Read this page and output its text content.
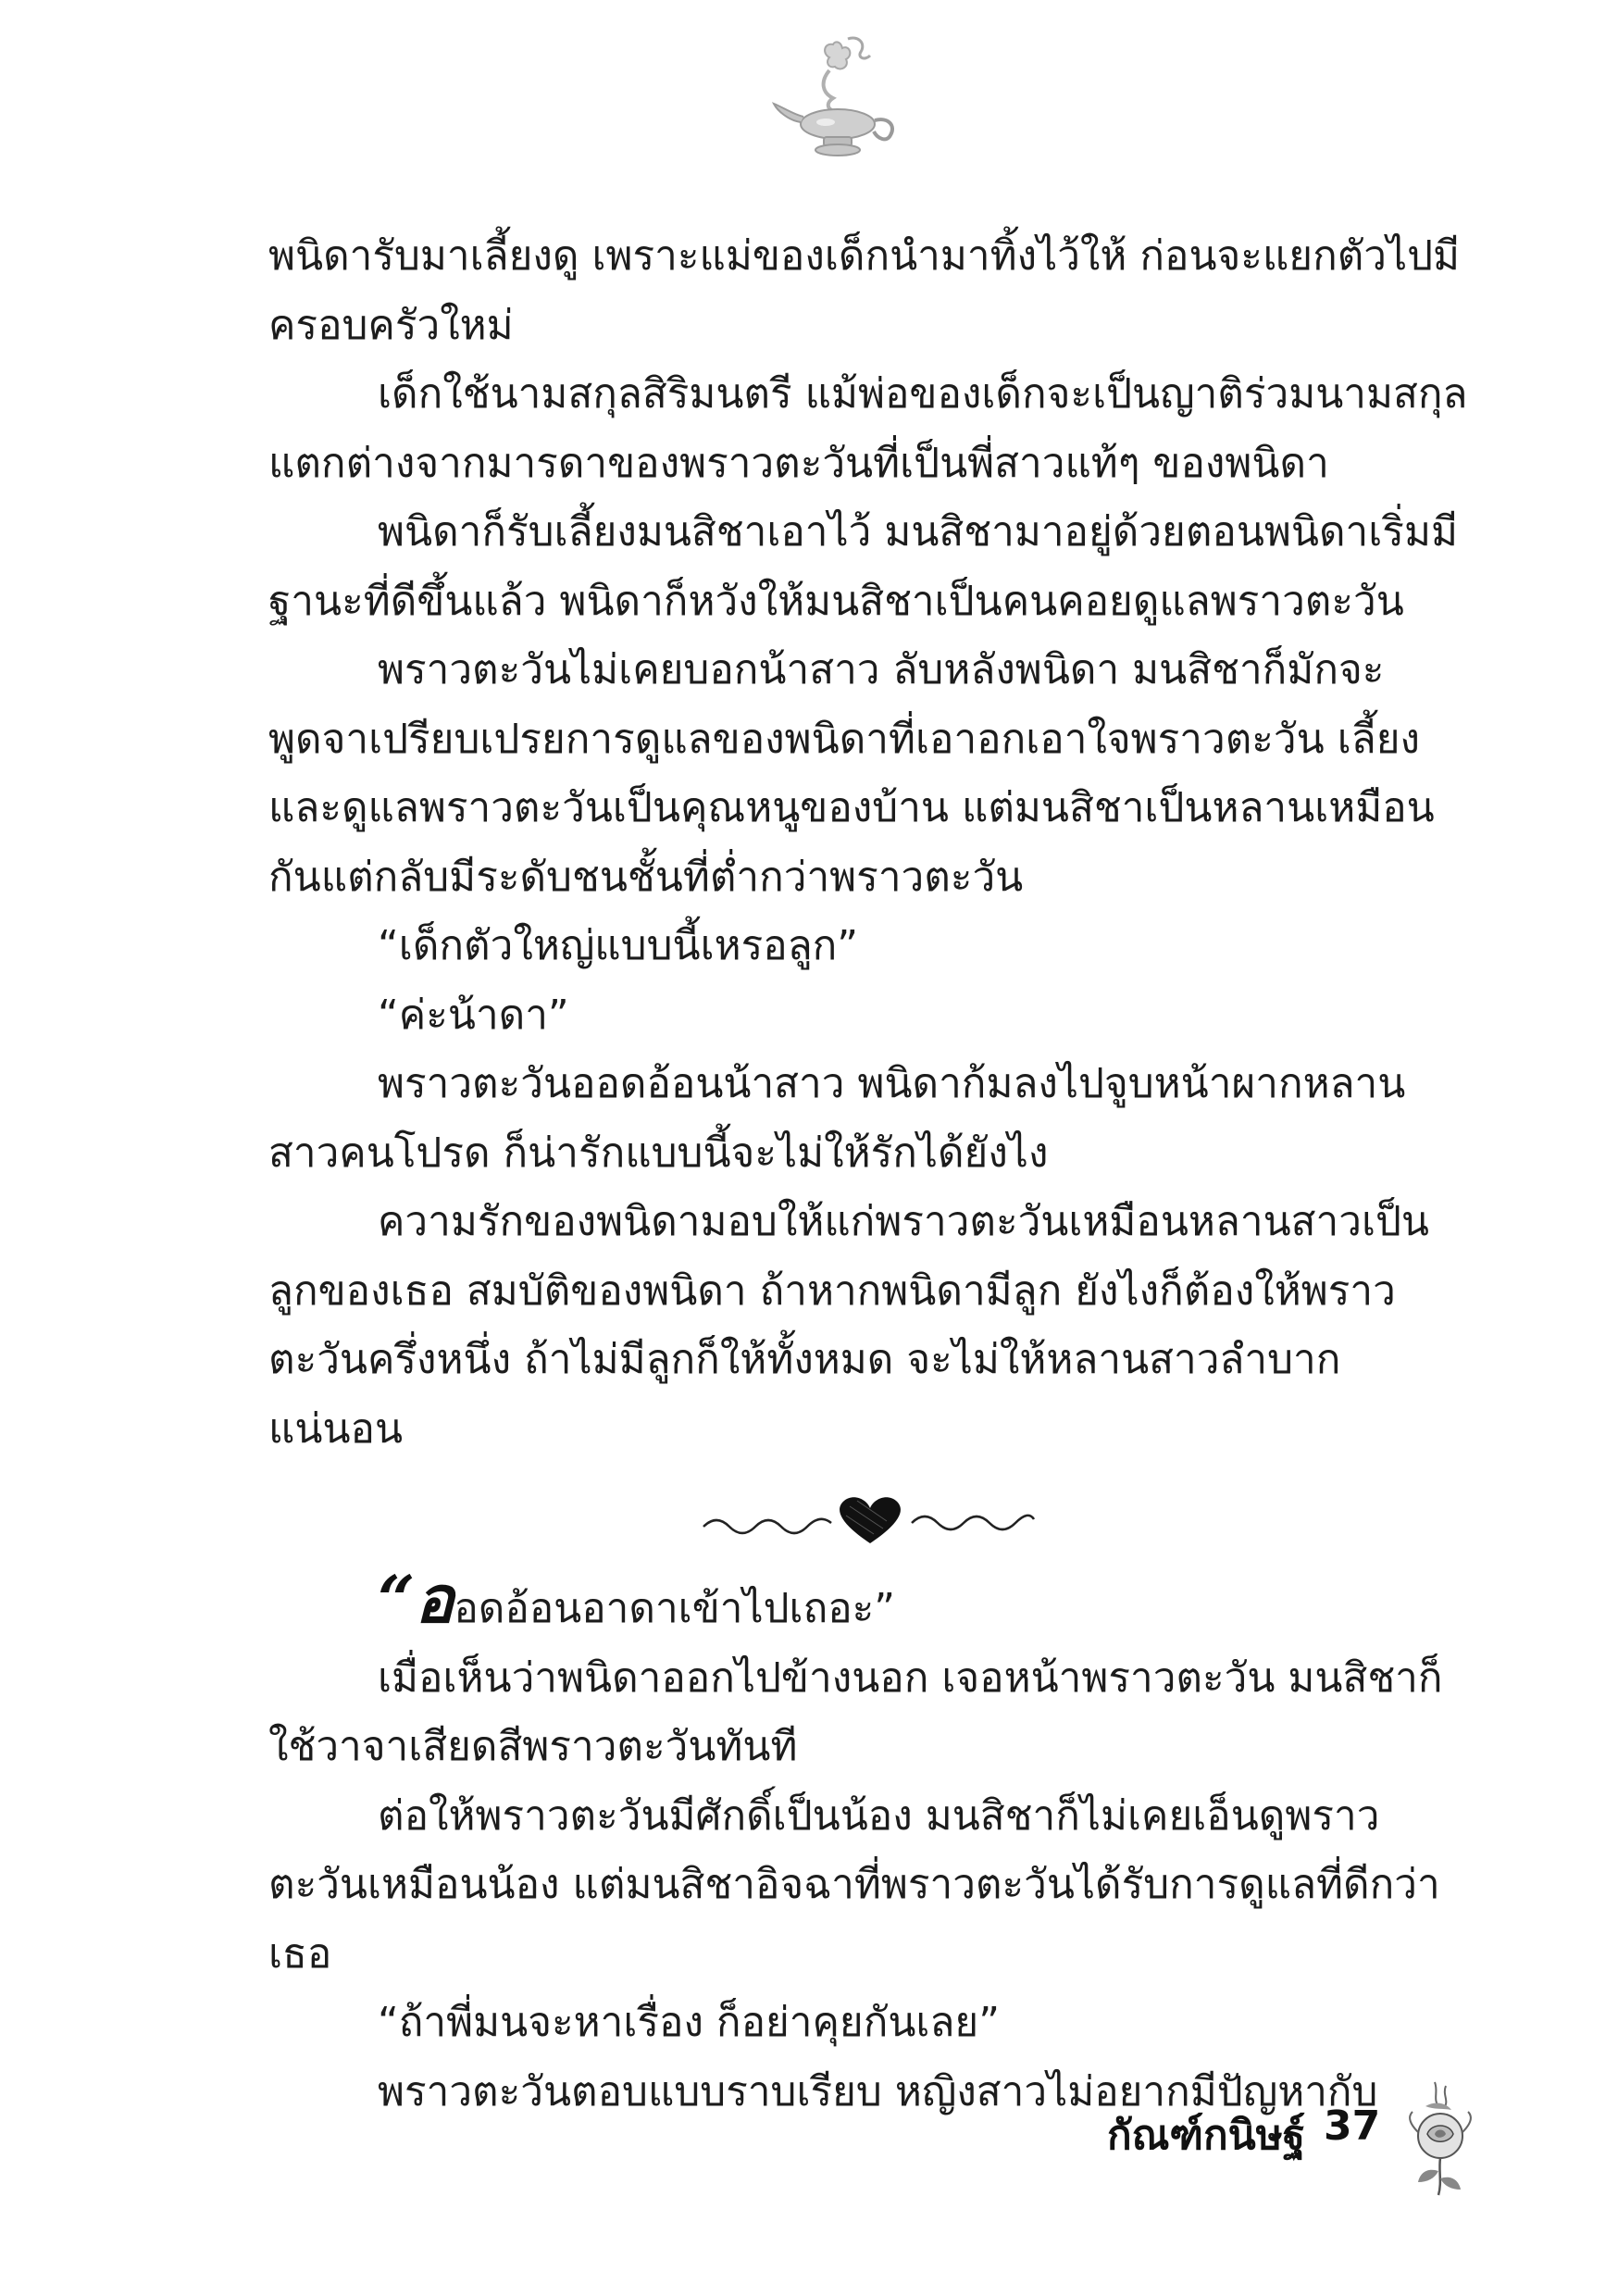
พนิดารับมาเลี้ยงดู เพราะแม่ของเด็กนำมาทิ้งไว้ให้ ก่อนจะแยกตัวไปมีครอบครัวใหม่

เด็กใช้นามสกุลสิริมนตรี แม้พ่อของเด็กจะเป็นญาติร่วมนามสกุลแตกต่างจากมารดาของพราวตะวันที่เป็นพี่สาวแท้ๆ ของพนิดา

พนิดาก็รับเลี้ยงมนสิชาเอาไว้ มนสิชามาอยู่ด้วยตอนพนิดาเริ่มมีฐานะที่ดีขึ้นแล้ว พนิดาก็หวังให้มนสิชาเป็นคนคอยดูแลพราวตะวัน

พราวตะวันไม่เคยบอกน้าสาว ลับหลังพนิดา มนสิชาก็มักจะพูดจาเปรียบเปรยการดูแลของพนิดาที่เอาอกเอาใจพราวตะวัน เลี้ยงและดูแลพราวตะวันเป็นคุณหนูของบ้าน แต่มนสิชาเป็นหลานเหมือนกันแต่กลับมีระดับชนชั้นที่ต่ำกว่าพราวตะวัน

“เด็กตัวใหญ่แบบนี้เหรอลูก”

“ค่ะน้าดา”

พราวตะวันออดอ้อนน้าสาว พนิดาก้มลงไปจูบหน้าผากหลานสาวคนโปรด ก็น่ารักแบบนี้จะไม่ให้รักได้ยังไง

ความรักของพนิดามอบให้แก่พราวตะวันเหมือนหลานสาวเป็นลูกของเธอ สมบัติของพนิดา ถ้าหากพนิดามีลูก ยังไงก็ต้องให้พราวตะวันครึ่งหนึ่ง ถ้าไม่มีลูกก็ให้ทั้งหมด จะไม่ให้หลานสาวลำบากแน่นอน

“ออดอ้อนอาดาเข้าไปเถอะ”

เมื่อเห็นว่าพนิดาออกไปข้างนอก เจอหน้าพราวตะวัน มนสิชาก็ใช้วาจาเสียดสีพราวตะวันทันที

ต่อให้พราวตะวันมีศักดิ์เป็นน้อง มนสิชาก็ไม่เคยเอ็นดูพราวตะวันเหมือนน้อง แต่มนสิชาอิจฉาที่พราวตะวันได้รับการดูแลที่ดีกว่าเธอ

“ถ้าพี่มนจะหาเรื่อง ก็อย่าคุยกันเลย”

พราวตะวันตอบแบบราบเรียบ หญิงสาวไม่อยากมีปัญหากับ

กัณฑ์กนิษฐ์ 37
